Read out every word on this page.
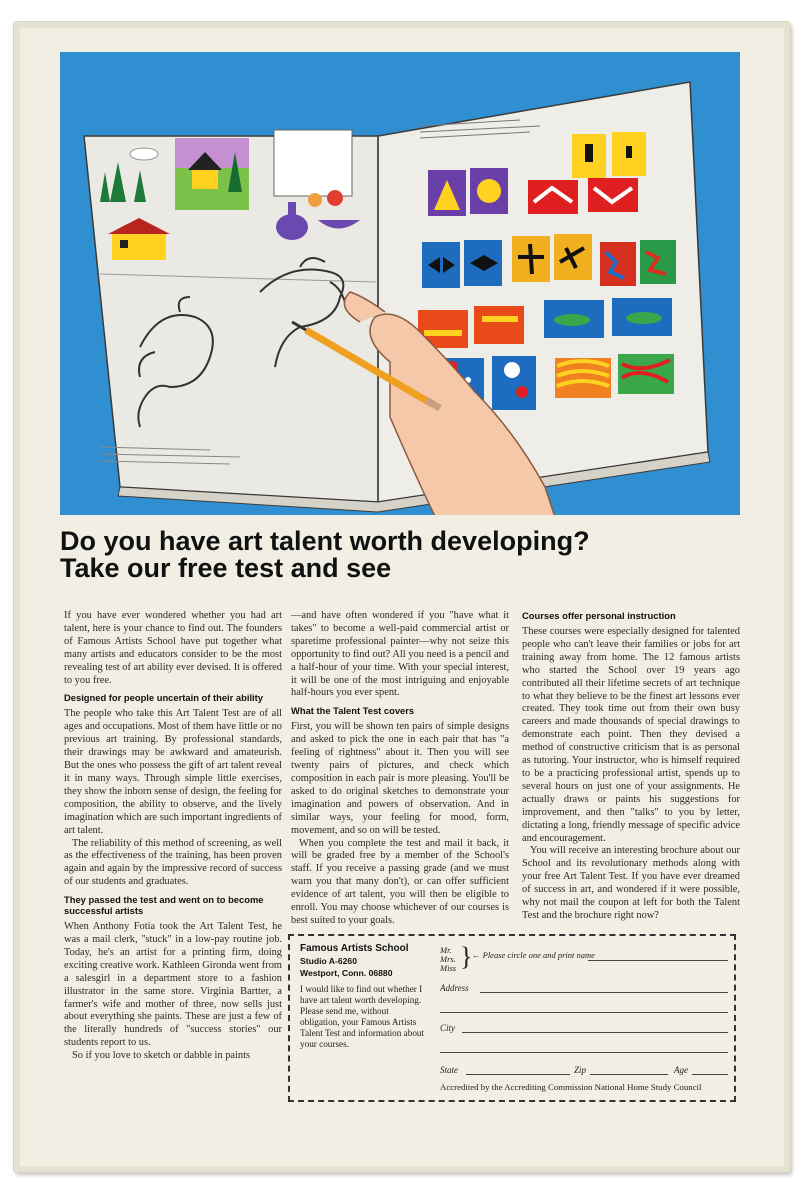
Do you have art talent worth developing?
Take our free test and see

If you have ever wondered whether you had art talent, here is your chance to find out. The founders of Famous Artists School have put together what many artists and educators consider to be the most revealing test of art ability ever devised. It is offered to you free.

Designed for people uncertain of their ability

The people who take this Art Talent Test are of all ages and occupations. Most of them have little or no previous art training. By professional standards, their drawings may be awkward and amateurish. But the ones who possess the gift of art talent reveal it in many ways. Through simple little exercises, they show the inborn sense of design, the feeling for composition, the ability to observe, and the lively imagination which are such important ingredients of art talent.

The reliability of this method of screening, as well as the effectiveness of the training, has been proven again and again by the impressive record of success of our students and graduates.

They passed the test and went on to become successful artists

When Anthony Fotia took the Art Talent Test, he was a mail clerk, "stuck" in a low-pay routine job. Today, he's an artist for a printing firm, doing exciting creative work. Kathleen Gironda went from a salesgirl in a department store to a fashion illustrator in the same store. Virginia Bartter, a farmer's wife and mother of three, now sells just about everything she paints. These are just a few of the literally hundreds of "success stories" our students report to us.

So if you love to sketch or dabble in paints

—and have often wondered if you "have what it takes" to become a well-paid commercial artist or sparetime professional painter—why not seize this opportunity to find out? All you need is a pencil and a half-hour of your time. With your special interest, it will be one of the most intriguing and enjoyable half-hours you ever spent.

What the Talent Test covers

First, you will be shown ten pairs of simple designs and asked to pick the one in each pair that has "a feeling of rightness" about it. Then you will see twenty pairs of pictures, and check which composition in each pair is more pleasing. You'll be asked to do original sketches to demonstrate your imagination and powers of observation. And in similar ways, your feeling for mood, form, movement, and so on will be tested.

When you complete the test and mail it back, it will be graded free by a member of the School's staff. If you receive a passing grade (and we must warn you that many don't), or can offer sufficient evidence of art talent, you will then be eligible to enroll. You may choose whichever of our courses is best suited to your goals.

Courses offer personal instruction

These courses were especially designed for talented people who can't leave their families or jobs for art training away from home. The 12 famous artists who started the School over 19 years ago contributed all their lifetime secrets of art technique to what they believe to be the finest art lessons ever created. They took time out from their own busy careers and made thousands of special drawings to demonstrate each point. Then they devised a method of constructive criticism that is as personal as tutoring. Your instructor, who is himself required to be a practicing professional artist, spends up to several hours on just one of your assignments. He actually draws or paints his suggestions for improvement, and then "talks" to you by letter, dictating a long, friendly message of specific advice and encouragement.

You will receive an interesting brochure about our School and its revolutionary methods along with your free Art Talent Test. If you have ever dreamed of success in art, and wondered if it were possible, why not mail the coupon at left for both the Talent Test and the brochure right now?

Famous Artists School
Studio A-6260
Westport, Conn. 06880
I would like to find out whether I have art talent worth developing. Please send me, without obligation, your Famous Artists Talent Test and information about your courses.
Mr.
Mrs.
Miss } ← Please circle one and print name
Address
City
State	Zip	Age
Accredited by the Accrediting Commission National Home Study Council
